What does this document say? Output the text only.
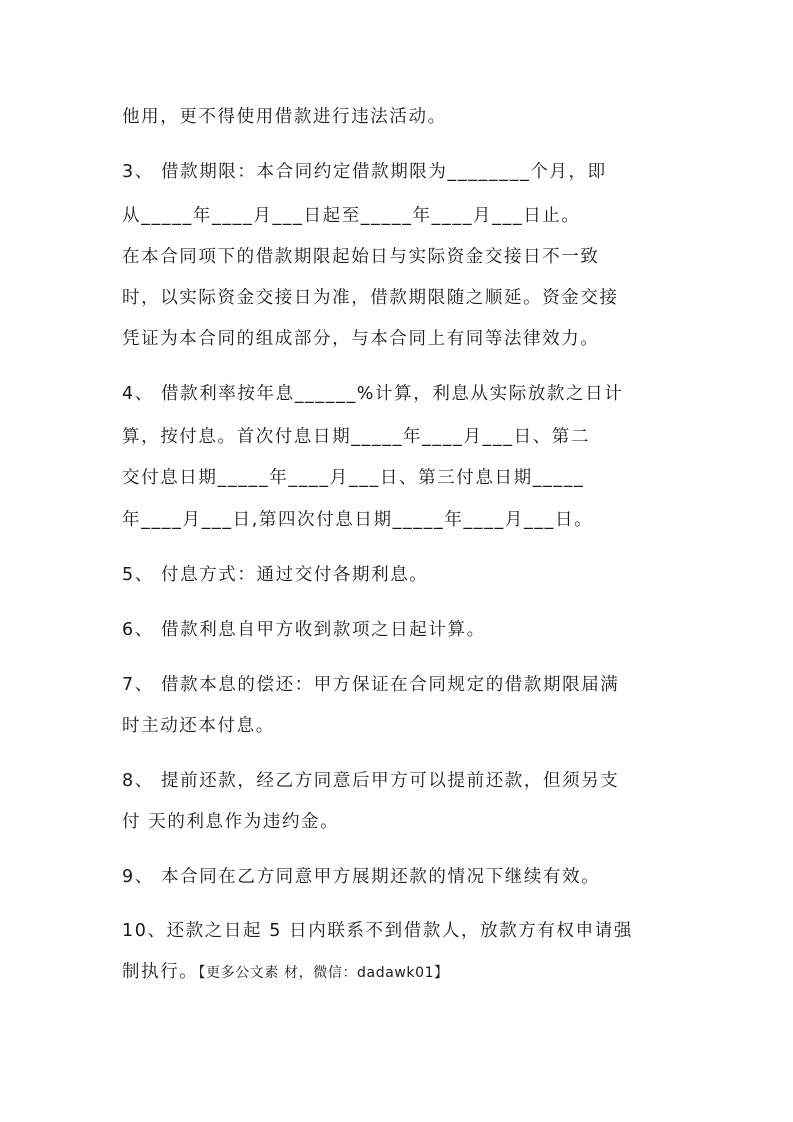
他用，更不得使用借款进行违法活动。
3、 借款期限：本合同约定借款期限为________个月，即
从_____年____月___日起至_____年____月___日止。
在本合同项下的借款期限起始日与实际资金交接日不一致
时，以实际资金交接日为准，借款期限随之顺延。资金交接
凭证为本合同的组成部分，与本合同上有同等法律效力。
4、 借款利率按年息______%计算，利息从实际放款之日计
算，按付息。首次付息日期_____年____月___日、第二
交付息日期_____年____月___日、第三付息日期_____
年____月___日,第四次付息日期_____年____月___日。
5、 付息方式：通过交付各期利息。
6、 借款利息自甲方收到款项之日起计算。
7、 借款本息的偿还：甲方保证在合同规定的借款期限届满
时主动还本付息。
8、 提前还款，经乙方同意后甲方可以提前还款，但须另支
付 天的利息作为违约金。
9、 本合同在乙方同意甲方展期还款的情况下继续有效。
10、还款之日起 5 日内联系不到借款人，放款方有权申请强
制执行。【更多公文素 材，微信：dadawk01】
